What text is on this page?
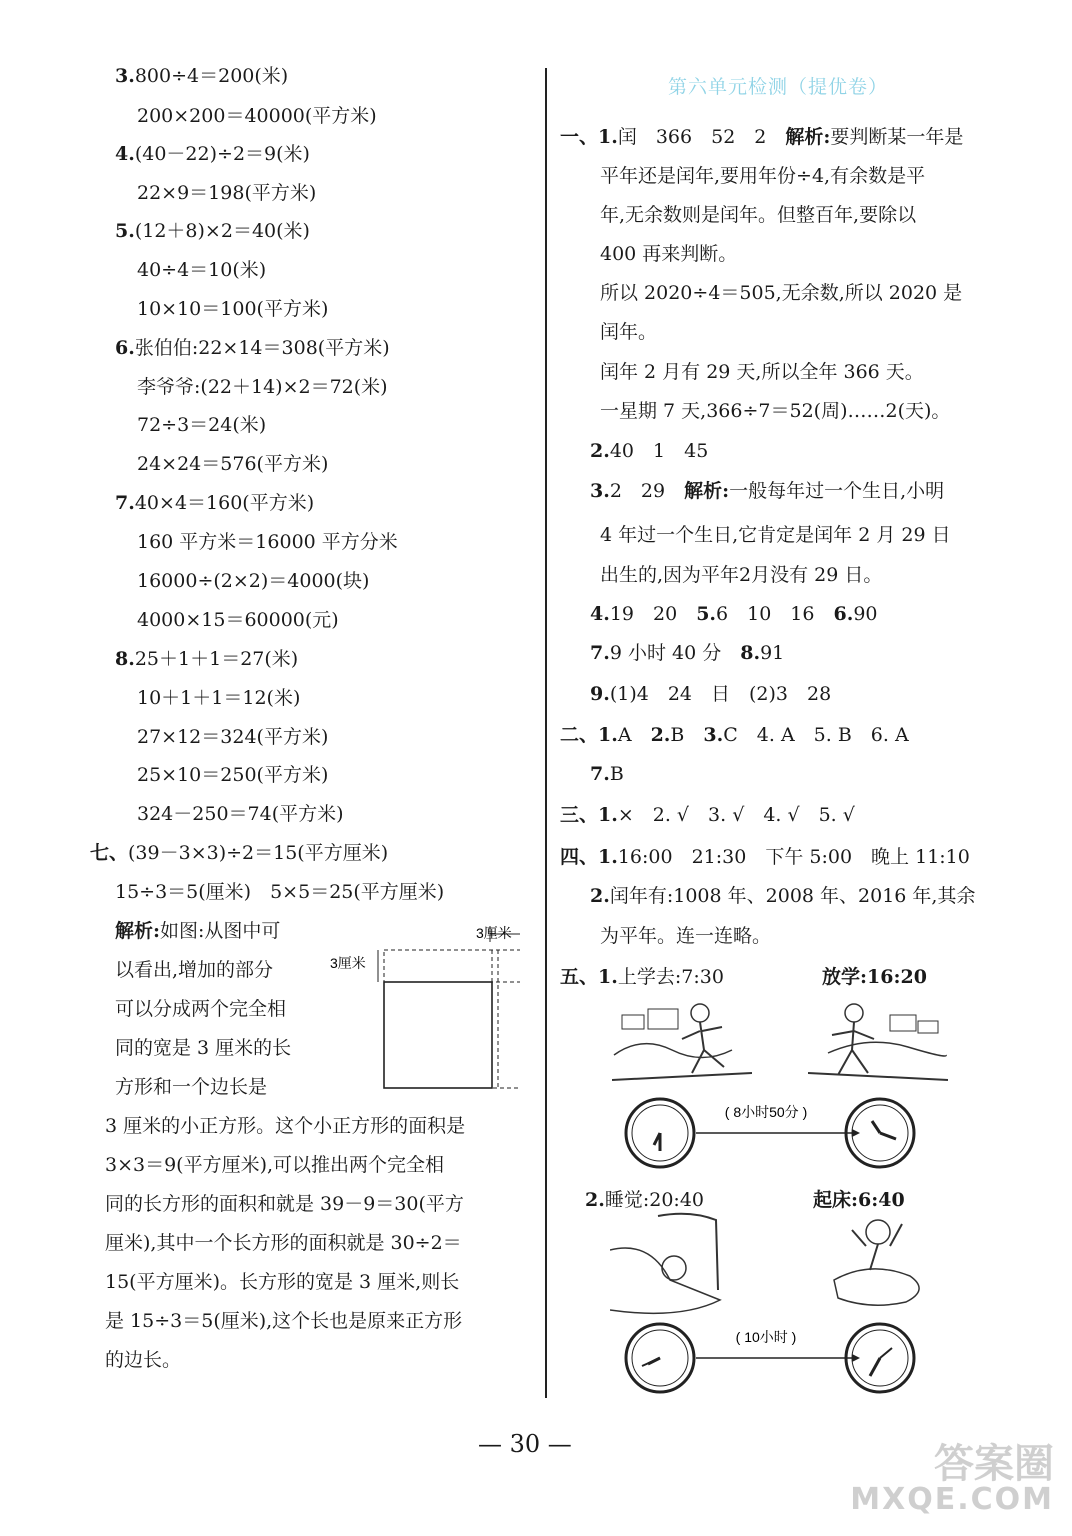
第六单元检测（提优卷）
3.800÷4＝200(米)
200×200＝40000(平方米)
4.(40－22)÷2＝9(米)
22×9＝198(平方米)
5.(12＋8)×2＝40(米)
40÷4＝10(米)
10×10＝100(平方米)
6.张伯伯:22×14＝308(平方米)
李爷爷:(22＋14)×2＝72(米)
72÷3＝24(米)
24×24＝576(平方米)
7.40×4＝160(平方米)
160 平方米＝16000 平方分米
16000÷(2×2)＝4000(块)
4000×15＝60000(元)
8.25＋1＋1＝27(米)
10＋1＋1＝12(米)
27×12＝324(平方米)
25×10＝250(平方米)
324－250＝74(平方米)
七、(39－3×3)÷2＝15(平方厘米)
15÷3＝5(厘米)　5×5＝25(平方厘米)
解析:如图:从图中可
以看出,增加的部分
可以分成两个完全相
同的宽是 3 厘米的长
方形和一个边长是
3 厘米的小正方形。这个小正方形的面积是
3×3＝9(平方厘米),可以推出两个完全相
同的长方形的面积和就是 39－9＝30(平方
厘米),其中一个长方形的面积就是 30÷2＝
15(平方厘米)。长方形的宽是 3 厘米,则长
是 15÷3＝5(厘米),这个长也是原来正方形
的边长。
一、1.闰　366　52　2　解析:要判断某一年是
平年还是闰年,要用年份÷4,有余数是平
年,无余数则是闰年。但整百年,要除以
400 再来判断。
所以 2020÷4＝505,无余数,所以 2020 是
闰年。
闰年 2 月有 29 天,所以全年 366 天。
一星期 7 天,366÷7＝52(周)……2(天)。
2.40　1　45
3.2　29　解析:一般每年过一个生日,小明
4 年过一个生日,它肯定是闰年 2 月 29 日
出生的,因为平年2月没有 29 日。
4.19　20　5.6　10　16　6.90
7.9 小时 40 分　8.91
9.(1)4　24　日　(2)3　28
二、1.A　2.B　3.C　4. A　5. B　6. A
7.B
三、1.×　2. √　3. √　4. √　5. √
四、1.16:00　21:30　下午 5:00　晚上 11:10
2.闰年有:1008 年、2008 年、2016 年,其余
为平年。连一连略。
五、1.上学去:7:30
2.睡觉:20:40
3厘米
3厘米
放学:16:20
( 8小时50分 )
起床:6:40
( 10小时 )
— 30 —	答案圈
MXQE.COM
